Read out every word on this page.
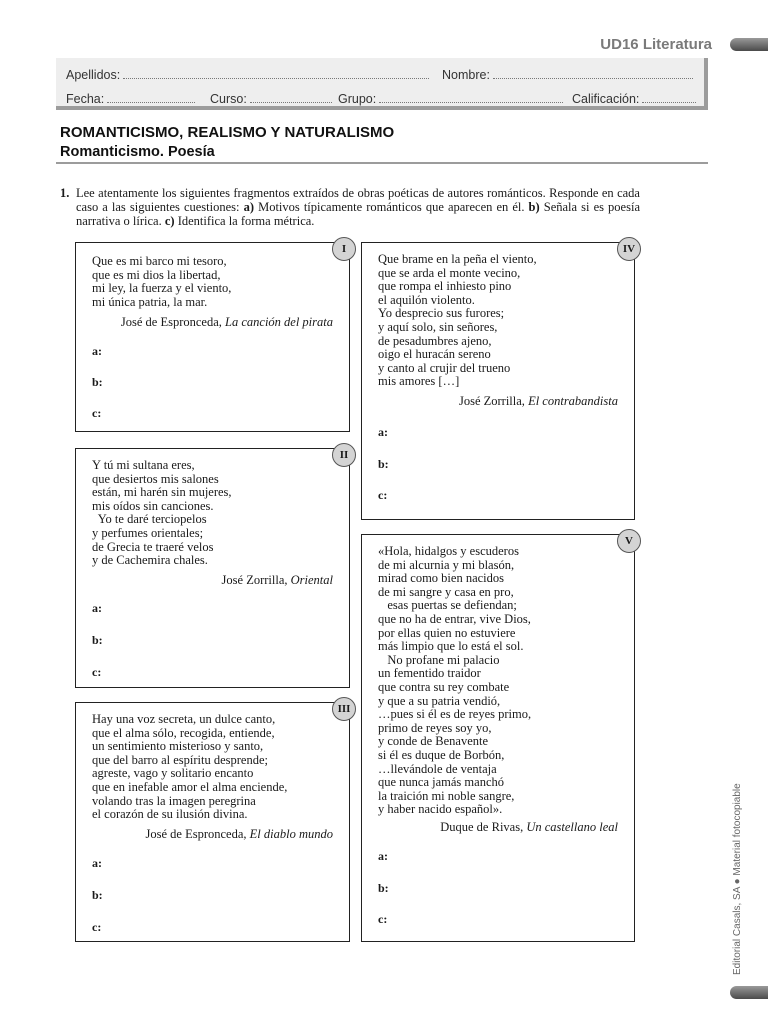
UD16 Literatura
Apellidos:	Nombre:
Fecha:	Curso:	Grupo:	Calificación:
ROMANTICISMO, REALISMO Y NATURALISMO
Romanticismo. Poesía
1. Lee atentamente los siguientes fragmentos extraídos de obras poéticas de autores románticos. Responde en cada caso a las siguientes cuestiones: a) Motivos típicamente románticos que aparecen en él. b) Señala si es poesía narrativa o lírica. c) Identifica la forma métrica.
I
Que es mi barco mi tesoro,
que es mi dios la libertad,
mi ley, la fuerza y el viento,
mi única patria, la mar.
José de Espronceda, La canción del pirata
a:
b:
c:
II
Y tú mi sultana eres,
que desiertos mis salones
están, mi harén sin mujeres,
mis oídos sin canciones.
Yo te daré terciopelos
y perfumes orientales;
de Grecia te traeré velos
y de Cachemira chales.
José Zorrilla, Oriental
a:
b:
c:
III
Hay una voz secreta, un dulce canto,
que el alma sólo, recogida, entiende,
un sentimiento misterioso y santo,
que del barro al espíritu desprende;
agreste, vago y solitario encanto
que en inefable amor el alma enciende,
volando tras la imagen peregrina
el corazón de su ilusión divina.
José de Espronceda, El diablo mundo
a:
b:
c:
IV
Que brame en la peña el viento,
que se arda el monte vecino,
que rompa el inhiesto pino
el aquilón violento.
Yo desprecio sus furores;
y aquí solo, sin señores,
de pesadumbres ajeno,
oigo el huracán sereno
y canto al crujir del trueno
mis amores […]
José Zorrilla, El contrabandista
a:
b:
c:
V
«Hola, hidalgos y escuderos
de mi alcurnia y mi blasón,
mirad como bien nacidos
de mi sangre y casa en pro,
esas puertas se defiendan;
que no ha de entrar, vive Dios,
por ellas quien no estuviere
más limpio que lo está el sol.
No profane mi palacio
un fementido traidor
que contra su rey combate
y que a su patria vendió,
…pues si él es de reyes primo,
primo de reyes soy yo,
y conde de Benavente
si él es duque de Borbón,
…llevándole de ventaja
que nunca jamás manchó
la traición mi noble sangre,
y haber nacido español».
Duque de Rivas, Un castellano leal
a:
b:
c:	Editorial Casals, SA ● Material fotocopiable
